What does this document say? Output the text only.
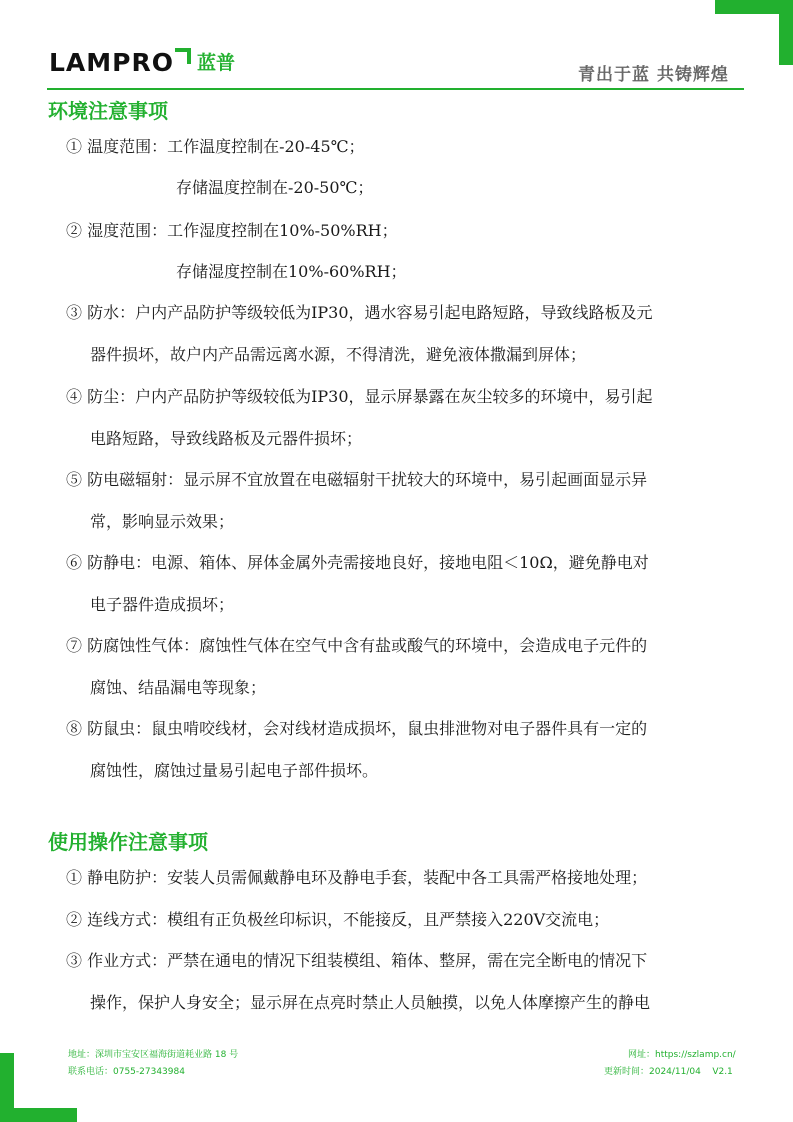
LAMPRO 蓝普
青出于蓝 共铸辉煌
环境注意事项
① 温度范围：工作温度控制在-20-45℃；
存储温度控制在-20-50℃；
② 湿度范围：工作湿度控制在10%-50%RH；
存储湿度控制在10%-60%RH；
③ 防水：户内产品防护等级较低为IP30，遇水容易引起电路短路，导致线路板及元
器件损坏，故户内产品需远离水源，不得清洗，避免液体撒漏到屏体；
④ 防尘：户内产品防护等级较低为IP30，显示屏暴露在灰尘较多的环境中，易引起
电路短路，导致线路板及元器件损坏；
⑤ 防电磁辐射：显示屏不宜放置在电磁辐射干扰较大的环境中，易引起画面显示异
常，影响显示效果；
⑥ 防静电：电源、箱体、屏体金属外壳需接地良好，接地电阻＜10Ω，避免静电对
电子器件造成损坏；
⑦ 防腐蚀性气体：腐蚀性气体在空气中含有盐或酸气的环境中，会造成电子元件的
腐蚀、结晶漏电等现象；
⑧ 防鼠虫：鼠虫啃咬线材，会对线材造成损坏，鼠虫排泄物对电子器件具有一定的
腐蚀性，腐蚀过量易引起电子部件损坏。
使用操作注意事项
① 静电防护：安装人员需佩戴静电环及静电手套，装配中各工具需严格接地处理；
② 连线方式：模组有正负极丝印标识，不能接反，且严禁接入220V交流电；
③ 作业方式：严禁在通电的情况下组装模组、箱体、整屏，需在完全断电的情况下
操作，保护人身安全；显示屏在点亮时禁止人员触摸，以免人体摩擦产生的静电
地址：深圳市宝安区福海街道耗业路 18 号
联系电话：0755-27343984
网址：https://szlamp.cn/
更新时间：2024/11/04    V2.1
